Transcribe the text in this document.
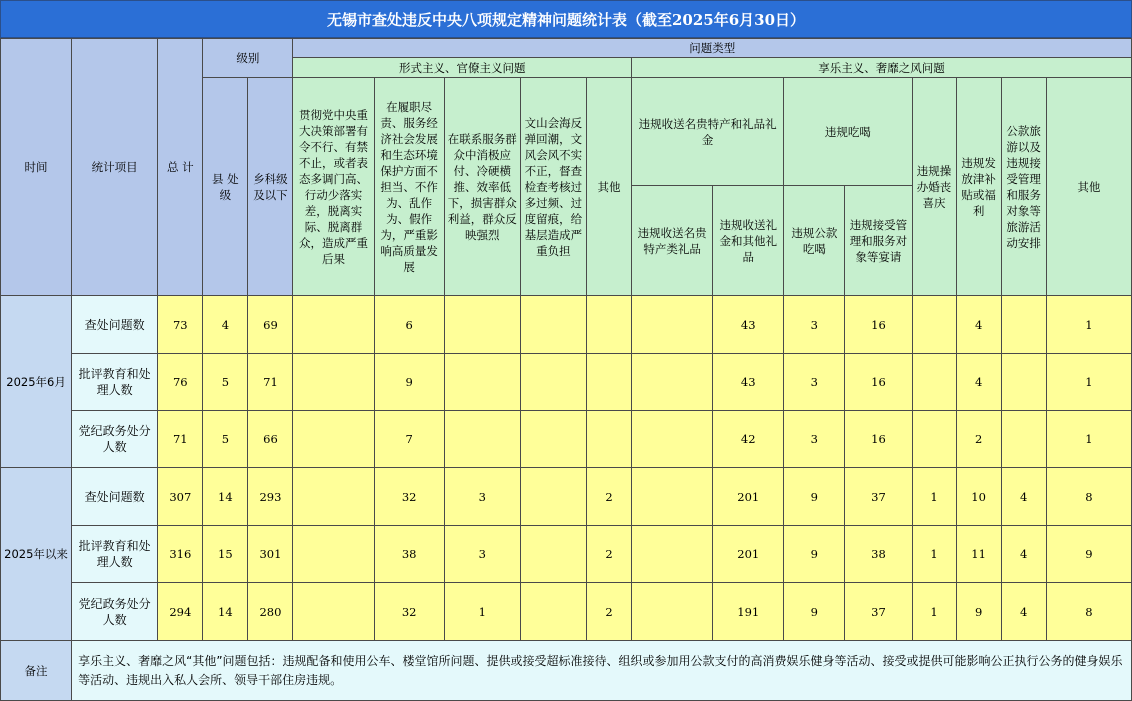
无锡市查处违反中央八项规定精神问题统计表（截至2025年6月30日）
时间	统计项目	总 计	级别		问题类型												
					形式主义、官僚主义问题					享乐主义、奢靡之风问题							
			县 处 级	乡科级及以下	贯彻党中央重大决策部署有令不行、有禁不止，或者表态多调门高、行动少落实差，脱离实际、脱离群众，造成严重后果	在履职尽责、服务经济社会发展和生态环境保护方面不担当、不作为、乱作为、假作为，严重影响高质量发展	在联系服务群众中消极应付、冷硬横推、效率低下，损害群众利益，群众反映强烈	文山会海反弹回潮，文风会风不实不正，督查检查考核过多过频、过度留痕，给基层造成严重负担	其他	违规收送名贵特产和礼品礼金		违规吃喝		违规操办婚丧喜庆	违规发放津补贴或福利	公款旅游以及违规接受管理和服务对象等旅游活动安排	其他
										违规收送名贵特产类礼品	违规收送礼金和其他礼品	违规公款吃喝	违规接受管理和服务对象等宴请				
2025年6月	查处问题数	73	4	69		6					43	3	16		4		1
	批评教育和处理人数	76	5	71		9					43	3	16		4		1
	党纪政务处分人数	71	5	66		7					42	3	16		2		1
2025年以来	查处问题数	307	14	293		32	3		2		201	9	37	1	10	4	8
	批评教育和处理人数	316	15	301		38	3		2		201	9	38	1	11	4	9
	党纪政务处分人数	294	14	280		32	1		2		191	9	37	1	9	4	8
备注	享乐主义、奢靡之风“其他”问题包括：违规配备和使用公车、楼堂馆所问题、提供或接受超标准接待、组织或参加用公款支付的高消费娱乐健身等活动、接受或提供可能影响公正执行公务的健身娱乐等活动、违规出入私人会所、领导干部住房违规。																
